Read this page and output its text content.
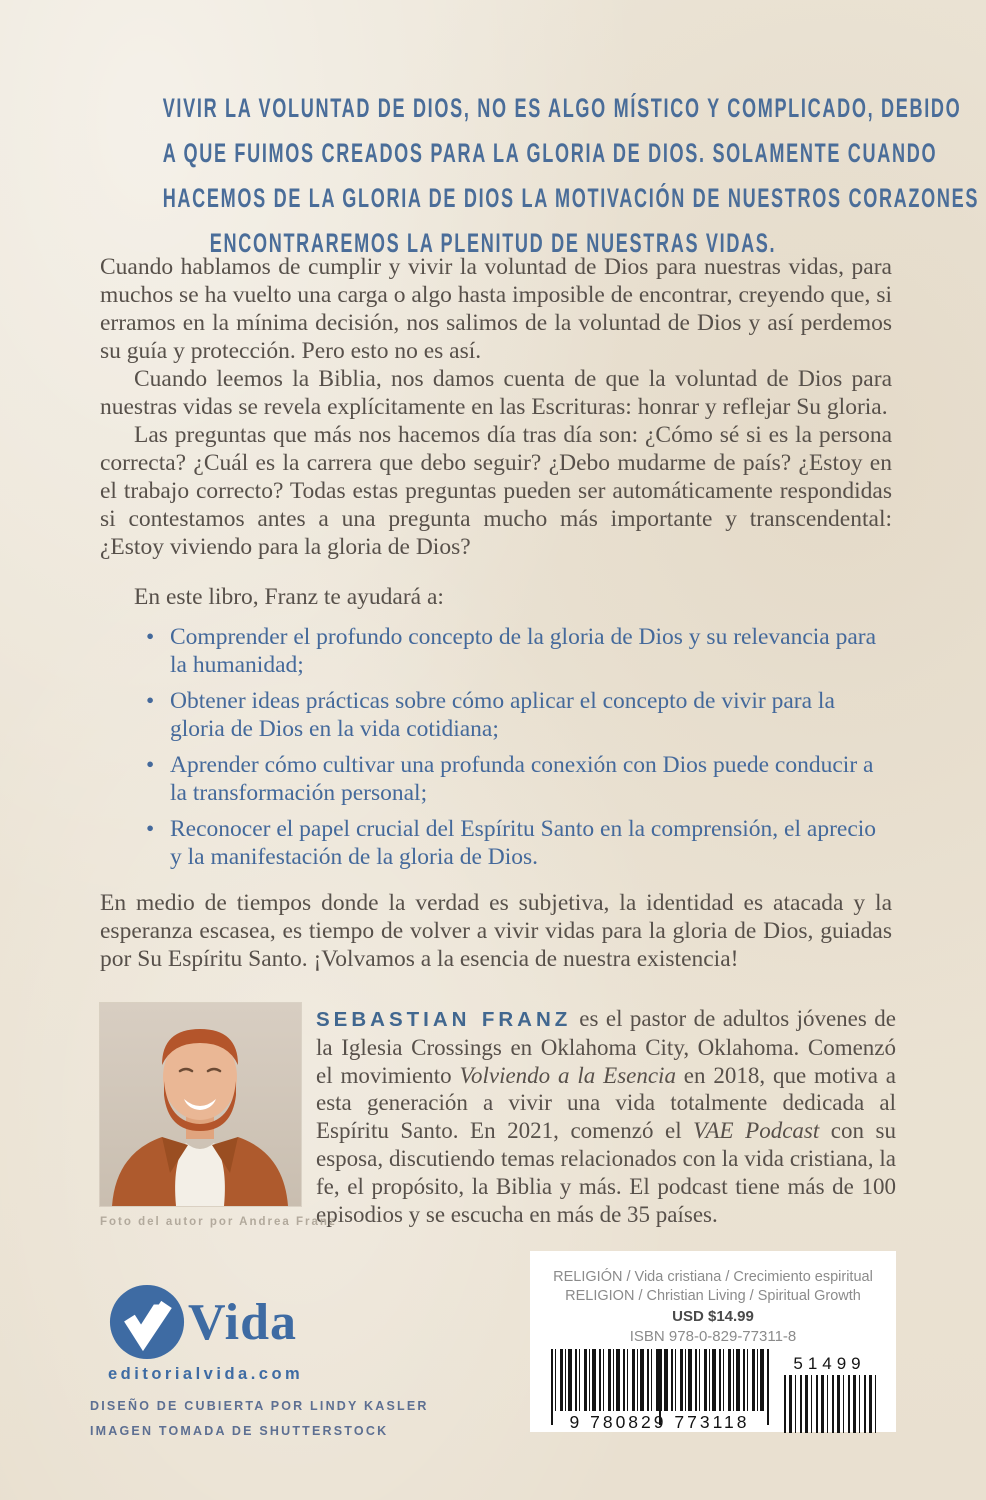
VIVIR LA VOLUNTAD DE DIOS, NO ES ALGO MÍSTICO Y COMPLICADO, DEBIDO
A QUE FUIMOS CREADOS PARA LA GLORIA DE DIOS. SOLAMENTE CUANDO
HACEMOS DE LA GLORIA DE DIOS LA MOTIVACIÓN DE NUESTROS CORAZONES
ENCONTRAREMOS LA PLENITUD DE NUESTRAS VIDAS.

Cuando hablamos de cumplir y vivir la voluntad de Dios para nuestras vidas, para muchos se ha vuelto una carga o algo hasta imposible de encontrar, creyendo que, si erramos en la mínima decisión, nos salimos de la voluntad de Dios y así perdemos su guía y protección. Pero esto no es así.

Cuando leemos la Biblia, nos damos cuenta de que la voluntad de Dios para nuestras vidas se revela explícitamente en las Escrituras: honrar y reflejar Su gloria.

Las preguntas que más nos hacemos día tras día son: ¿Cómo sé si es la persona correcta? ¿Cuál es la carrera que debo seguir? ¿Debo mudarme de país? ¿Estoy en el trabajo correcto? Todas estas preguntas pueden ser automáticamente respondidas si contestamos antes a una pregunta mucho más importante y transcendental: ¿Estoy viviendo para la gloria de Dios?

En este libro, Franz te ayudará a:

• Comprender el profundo concepto de la gloria de Dios y su relevancia para la humanidad;
• Obtener ideas prácticas sobre cómo aplicar el concepto de vivir para la gloria de Dios en la vida cotidiana;
• Aprender cómo cultivar una profunda conexión con Dios puede conducir a la transformación personal;
• Reconocer el papel crucial del Espíritu Santo en la comprensión, el aprecio y la manifestación de la gloria de Dios.

En medio de tiempos donde la verdad es subjetiva, la identidad es atacada y la esperanza escasea, es tiempo de volver a vivir vidas para la gloria de Dios, guiadas por Su Espíritu Santo. ¡Volvamos a la esencia de nuestra existencia!

SEBASTIAN FRANZ es el pastor de adultos jóvenes de la Iglesia Crossings en Oklahoma City, Oklahoma. Comenzó el movimiento Volviendo a la Esencia en 2018, que motiva a esta generación a vivir una vida totalmente dedicada al Espíritu Santo. En 2021, comenzó el VAE Podcast con su esposa, discutiendo temas relacionados con la vida cristiana, la fe, el propósito, la Biblia y más. El podcast tiene más de 100 episodios y se escucha en más de 35 países.
Foto del autor por Andrea Franz
Vida
editorialvida.com
DISEÑO DE CUBIERTA POR LINDY KASLER
IMAGEN TOMADA DE SHUTTERSTOCK
RELIGIÓN / Vida cristiana / Crecimiento espiritual
RELIGION / Christian Living / Spiritual Growth
USD $14.99
ISBN 978-0-829-77311-8
9 780829 773118
51499
